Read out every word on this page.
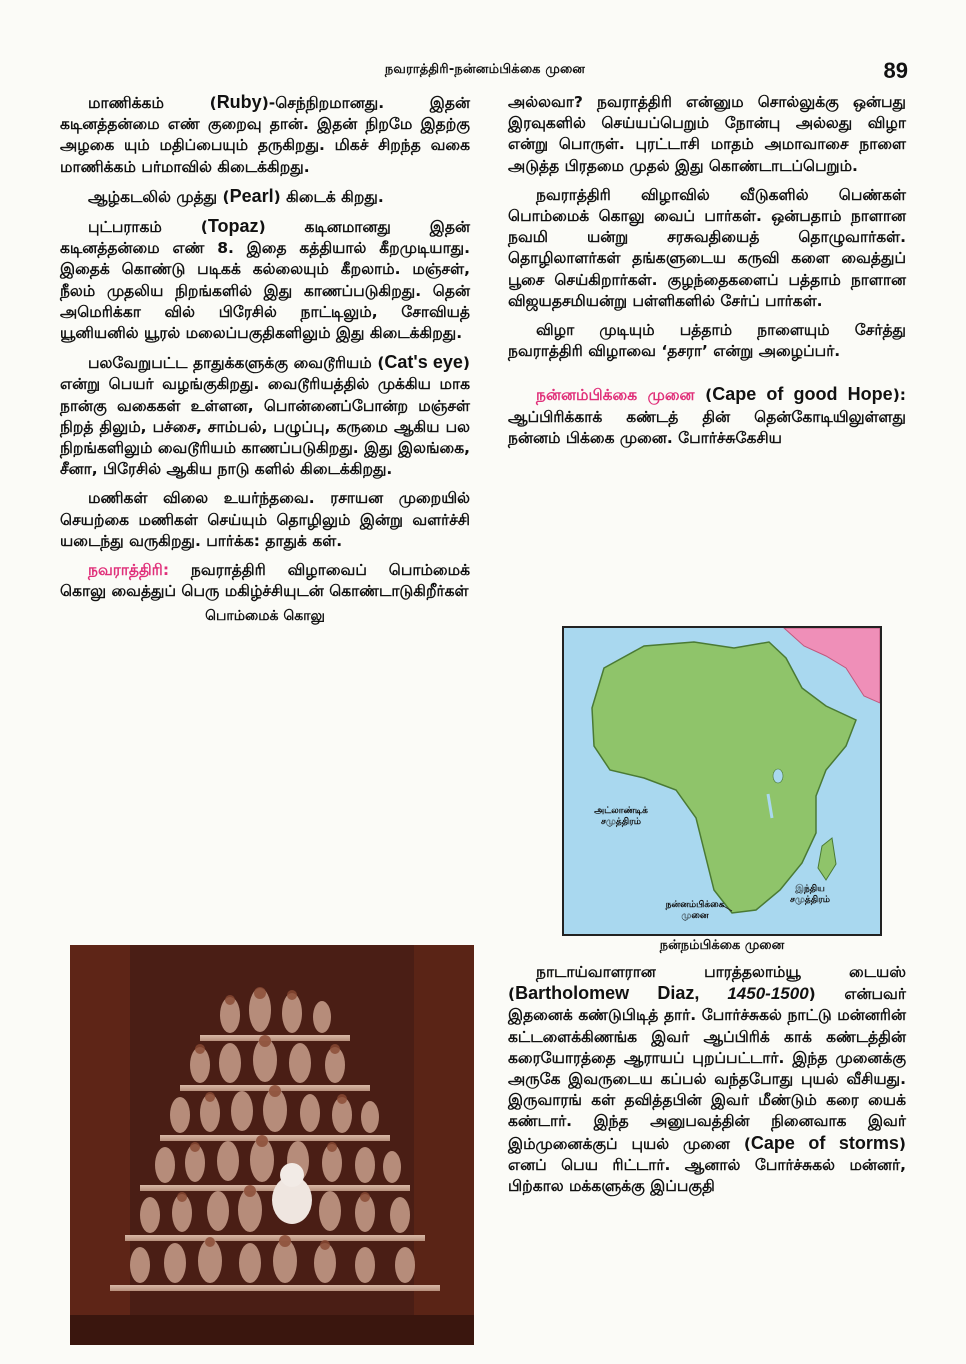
நவராத்திரி-நன்னம்பிக்கை முனை	89

மாணிக்கம் (Ruby)-செந்நிறமானது. இதன் கடினத்தன்மை எண் குறைவு தான். இதன் நிறமே இதற்கு அழகை யும் மதிப்பையும் தருகிறது. மிகச் சிறந்த வகை மாணிக்கம் பர்மாவில் கிடைக்கிறது.

ஆழ்கடலில் முத்து (Pearl) கிடைக் கிறது.

புட்பராகம் (Topaz) கடினமானது இதன் கடினத்தன்மை எண் 8. இதை கத்தியால் கீறமுடியாது. இதைக் கொண்டு படிகக் கல்லையும் கீறலாம். மஞ்சள், நீலம் முதலிய நிறங்களில் இது காணப்படுகிறது. தென் அமெரிக்கா வில் பிரேசில் நாட்டிலும், சோவியத் யூனியனில் யூரல் மலைப்பகுதிகளிலும் இது கிடைக்கிறது.

பலவேறுபட்ட தாதுக்களுக்கு வைடூரியம் (Cat's eye) என்று பெயர் வழங்குகிறது. வைடூரியத்தில் முக்கிய மாக நான்கு வகைகள் உள்ளன, பொன்னைப்போன்ற மஞ்சள் நிறத் திலும், பச்சை, சாம்பல், பழுப்பு, கருமை ஆகிய பல நிறங்களிலும் வைடூரியம் காணப்படுகிறது. இது இலங்கை, சீனா, பிரேசில் ஆகிய நாடு களில் கிடைக்கிறது.

மணிகள் விலை உயர்ந்தவை. ரசாயன முறையில் செயற்கை மணிகள் செய்யும் தொழிலும் இன்று வளர்ச்சி யடைந்து வருகிறது. பார்க்க: தாதுக் கள்.

நவராத்திரி: நவராத்திரி விழாவைப் பொம்மைக் கொலு வைத்துப் பெரு மகிழ்ச்சியுடன் கொண்டாடுகிறீர்கள்

பொம்மைக் கொலு

அல்லவா? நவராத்திரி என்னும சொல்லுக்கு ஒன்பது இரவுகளில் செய்யப்பெறும் நோன்பு அல்லது விழா என்று பொருள். புரட்டாசி மாதம் அமாவாசை நாளை அடுத்த பிரதமை முதல் இது கொண்டாடப்பெறும்.

நவராத்திரி விழாவில் வீடுகளில் பெண்கள் பொம்மைக் கொலு வைப் பார்கள். ஒன்பதாம் நாளான நவமி யன்று சரசுவதியைத் தொழுவார்கள். தொழிலாளர்கள் தங்களுடைய கருவி களை வைத்துப் பூசை செய்கிறார்கள். குழந்தைகளைப் பத்தாம் நாளான விஜயதசமியன்று பள்ளிகளில் சேர்ப் பார்கள்.

விழா முடியும் பத்தாம் நாளையும் சேர்த்து நவராத்திரி விழாவை ‘தசரா’ என்று அழைப்பர்.

நன்னம்பிக்கை முனை (Cape of good Hope): ஆப்பிரிக்காக் கண்டத் தின் தென்கோடியிலுள்ளது நன்னம் பிக்கை முனை. போர்ச்சுகேசிய

அட்லாண்டிக் சமுத்திரம்
இந்திய சமுத்திரம்
நன்னம்பிக்கை முனை
நன்நம்பிக்கை முனை

நாடாய்வாளரான பாரத்தலாம்யூ டையஸ் (Bartholomew Diaz, 1450-1500) என்பவர் இதனைக் கண்டுபிடித் தார். போர்ச்சுகல் நாட்டு மன்னரின் கட்டளைக்கிணங்க இவர் ஆப்பிரிக் காக் கண்டத்தின் கரையோரத்தை ஆராயப் புறப்பட்டார். இந்த முனைக்கு அருகே இவருடைய கப்பல் வந்தபோது புயல் வீசியது. இருவாரங் கள் தவித்தபின் இவர் மீண்டும் கரை யைக் கண்டார். இந்த அனுபவத்தின் நினைவாக இவர் இம்முனைக்குப் புயல் முனை (Cape of storms) எனப் பெய ரிட்டார். ஆனால் போர்ச்சுகல் மன்னர், பிற்கால மக்களுக்கு இப்பகுதி
